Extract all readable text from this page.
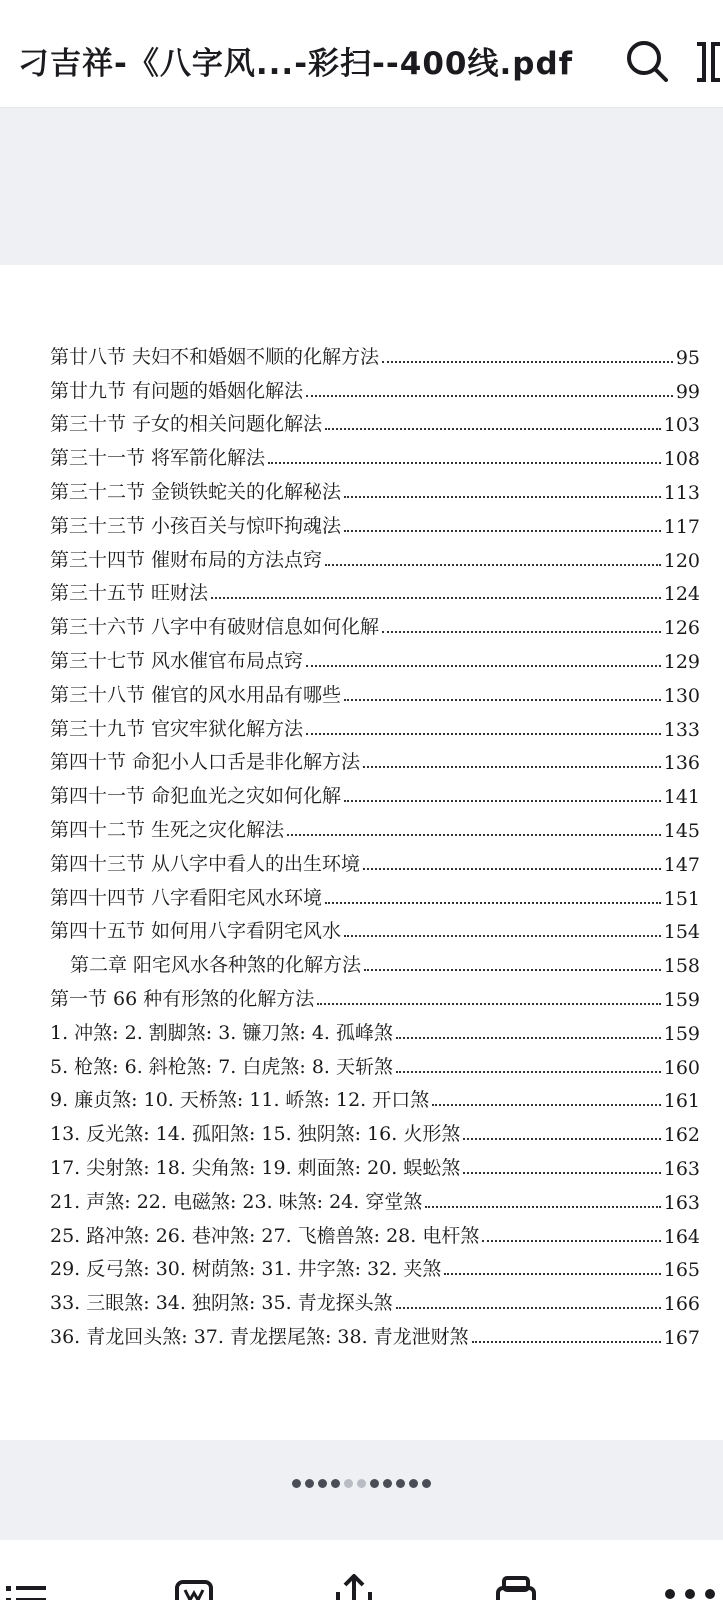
刁吉祥-《八字风...-彩扫--400线.pdf
第廿八节 夫妇不和婚姻不顺的化解方法	95
第廿九节 有问题的婚姻化解法	99
第三十节 子女的相关问题化解法	103
第三十一节 将军箭化解法	108
第三十二节 金锁铁蛇关的化解秘法	113
第三十三节 小孩百关与惊吓拘魂法	117
第三十四节 催财布局的方法点窍	120
第三十五节 旺财法	124
第三十六节 八字中有破财信息如何化解	126
第三十七节 风水催官布局点窍	129
第三十八节 催官的风水用品有哪些	130
第三十九节 官灾牢狱化解方法	133
第四十节 命犯小人口舌是非化解方法	136
第四十一节 命犯血光之灾如何化解	141
第四十二节 生死之灾化解法	145
第四十三节 从八字中看人的出生环境	147
第四十四节 八字看阳宅风水环境	151
第四十五节 如何用八字看阴宅风水	154
第二章 阳宅风水各种煞的化解方法	158
第一节 66 种有形煞的化解方法	159
1. 冲煞: 2. 割脚煞: 3. 镰刀煞: 4. 孤峰煞	159
5. 枪煞: 6. 斜枪煞: 7. 白虎煞: 8. 天斩煞	160
9. 廉贞煞: 10. 天桥煞: 11. 峤煞: 12. 开口煞	161
13. 反光煞: 14. 孤阳煞: 15. 独阴煞: 16. 火形煞	162
17. 尖射煞: 18. 尖角煞: 19. 刺面煞: 20. 蜈蚣煞	163
21. 声煞: 22. 电磁煞: 23. 味煞: 24. 穿堂煞	163
25. 路冲煞: 26. 巷冲煞: 27. 飞檐兽煞: 28. 电杆煞	164
29. 反弓煞: 30. 树荫煞: 31. 井字煞: 32. 夹煞	165
33. 三眼煞: 34. 独阴煞: 35. 青龙探头煞	166
36. 青龙回头煞: 37. 青龙摆尾煞: 38. 青龙泄财煞	167
